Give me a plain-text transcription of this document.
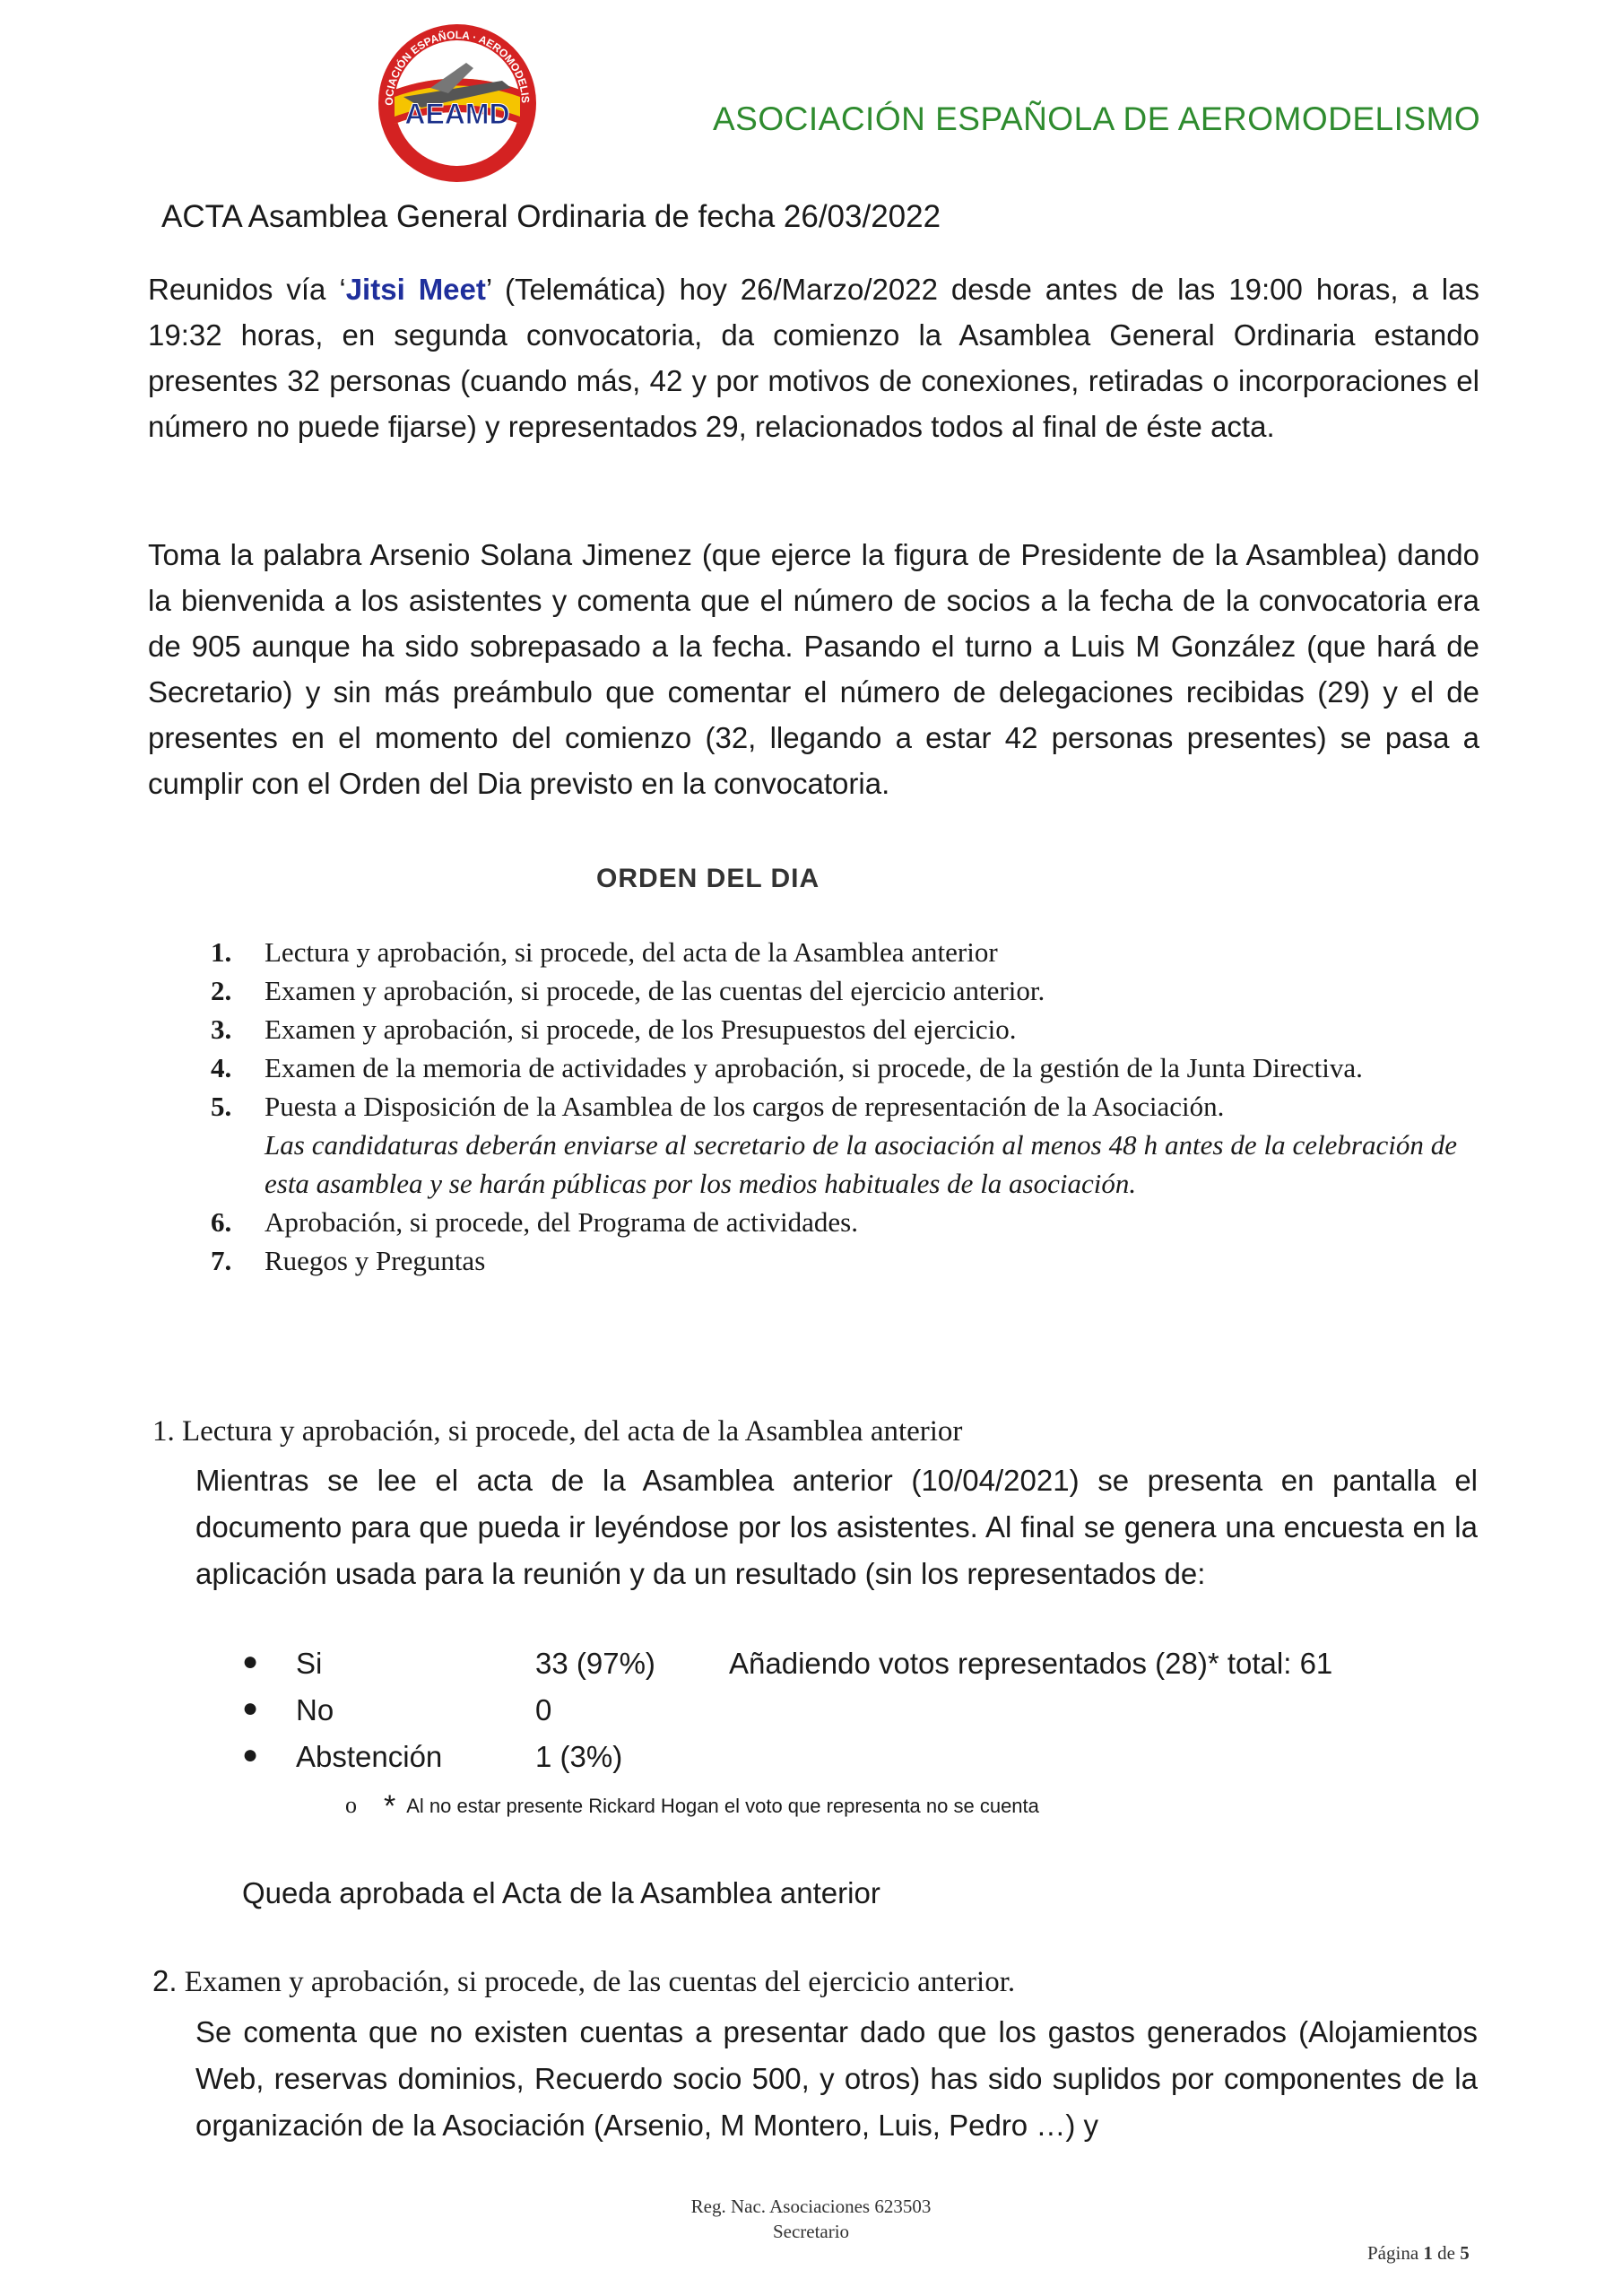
AEAMD
OCIACIÓN ESPAÑOLA · AEROMODELIS
ASOCIACIÓN ESPAÑOLA DE AEROMODELISMO
ACTA Asamblea General Ordinaria de fecha 26/03/2022

Reunidos vía ‘Jitsi Meet’ (Telemática) hoy 26/Marzo/2022 desde antes de las 19:00 horas, a las 19:32 horas, en segunda convocatoria, da comienzo la Asamblea General Ordinaria estando presentes 32 personas (cuando más, 42 y por motivos de conexiones, retiradas o incorporaciones el número no puede fijarse) y representados 29, relacionados todos al final de éste acta.

Toma la palabra Arsenio Solana Jimenez (que ejerce la figura de Presidente de la Asamblea) dando la bienvenida a los asistentes y comenta que el número de socios a la fecha de la convocatoria era de 905 aunque ha sido sobrepasado a la fecha. Pasando el turno a Luis M González (que hará de Secretario) y sin más preámbulo que comentar el número de delegaciones recibidas (29) y el de presentes en el momento del comienzo (32, llegando a estar 42 personas presentes) se pasa a cumplir con el Orden del Dia previsto en la convocatoria.

ORDEN DEL DIA
1. Lectura y aprobación, si procede, del acta de la Asamblea anterior
2. Examen y aprobación, si procede, de las cuentas del ejercicio anterior.
3. Examen y aprobación, si procede, de los Presupuestos del ejercicio.
4. Examen de la memoria de actividades y aprobación, si procede, de la gestión de la Junta Directiva.
5. Puesta a Disposición de la Asamblea de los cargos de representación de la Asociación.
Las candidaturas deberán enviarse al secretario de la asociación al menos 48 h antes de la celebración de esta asamblea y se harán públicas por los medios habituales de la asociación.
6. Aprobación, si procede, del Programa de actividades.
7. Ruegos y Preguntas
1. Lectura y aprobación, si procede, del acta de la Asamblea anterior

Mientras se lee el acta de la Asamblea anterior (10/04/2021) se presenta en pantalla el documento para que pueda ir leyéndose por los asistentes. Al final se genera una encuesta en la aplicación usada para la reunión y da un resultado (sin los representados de:

● Si	33 (97%) Añadiendo votos representados (28)* total: 61
● No	0
● Abstención	1 (3%)
o * Al no estar presente Rickard Hogan el voto que representa no se cuenta
Queda aprobada el Acta de la Asamblea anterior
2. Examen y aprobación, si procede, de las cuentas del ejercicio anterior.

Se comenta que no existen cuentas a presentar dado que los gastos generados (Alojamientos Web, reservas dominios, Recuerdo socio 500, y otros) has sido suplidos por componentes de la organización de la Asociación (Arsenio, M Montero, Luis, Pedro …) y

Reg. Nac. Asociaciones 623503
Secretario
Página 1 de 5
